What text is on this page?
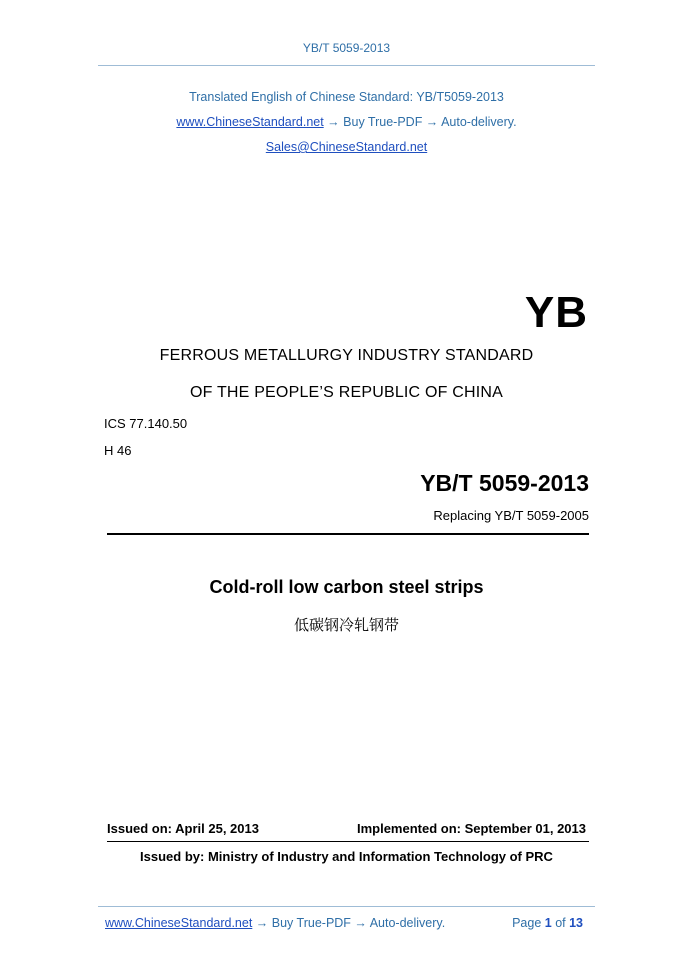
YB/T 5059-2013
Translated English of Chinese Standard: YB/T5059-2013
www.ChineseStandard.net → Buy True-PDF → Auto-delivery.
Sales@ChineseStandard.net
YB
FERROUS METALLURGY INDUSTRY STANDARD
OF THE PEOPLE’S REPUBLIC OF CHINA
ICS 77.140.50
H 46
YB/T 5059-2013
Replacing YB/T 5059-2005
Cold-roll low carbon steel strips
低碳钢冷轧钢带
Issued on: April 25, 2013	Implemented on: September 01, 2013
Issued by: Ministry of Industry and Information Technology of PRC
www.ChineseStandard.net → Buy True-PDF → Auto-delivery.	Page 1 of 13
